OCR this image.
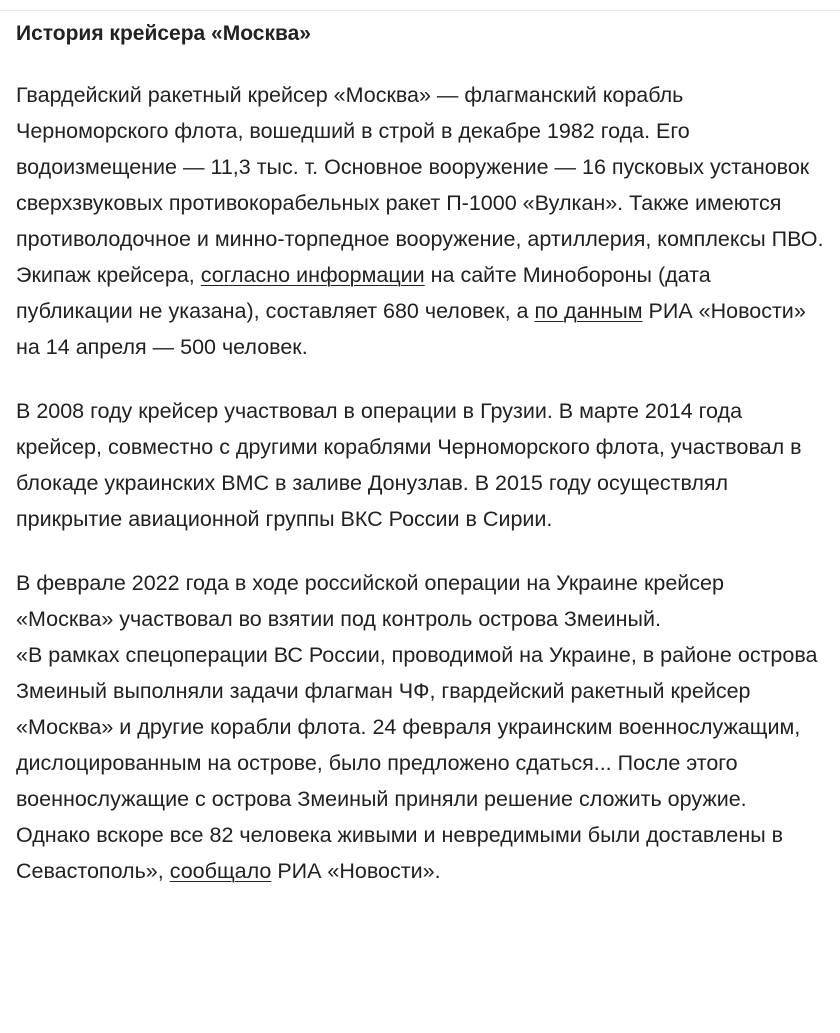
История крейсера «Москва»

Гвардейский ракетный крейсер «Москва» — флагманский корабль Черноморского флота, вошедший в строй в декабре 1982 года. Его водоизмещение — 11,3 тыс. т. Основное вооружение — 16 пусковых установок сверхзвуковых противокорабельных ракет П-1000 «Вулкан». Также имеются противолодочное и минно-торпедное вооружение, артиллерия, комплексы ПВО. Экипаж крейсера, согласно информации на сайте Минобороны (дата публикации не указана), составляет 680 человек, а по данным РИА «Новости» на 14 апреля — 500 человек.

В 2008 году крейсер участвовал в операции в Грузии. В марте 2014 года крейсер, совместно с другими кораблями Черноморского флота, участвовал в блокаде украинских ВМС в заливе Донузлав. В 2015 году осуществлял прикрытие авиационной группы ВКС России в Сирии.

В феврале 2022 года в ходе российской операции на Украине крейсер «Москва» участвовал во взятии под контроль острова Змеиный.

«В рамках спецоперации ВС России, проводимой на Украине, в районе острова Змеиный выполняли задачи флагман ЧФ, гвардейский ракетный крейсер «Москва» и другие корабли флота. 24 февраля украинским военнослужащим, дислоцированным на острове, было предложено сдаться... После этого военнослужащие с острова Змеиный приняли решение сложить оружие. Однако вскоре все 82 человека живыми и невредимыми были доставлены в Севастополь», сообщало РИА «Новости».
